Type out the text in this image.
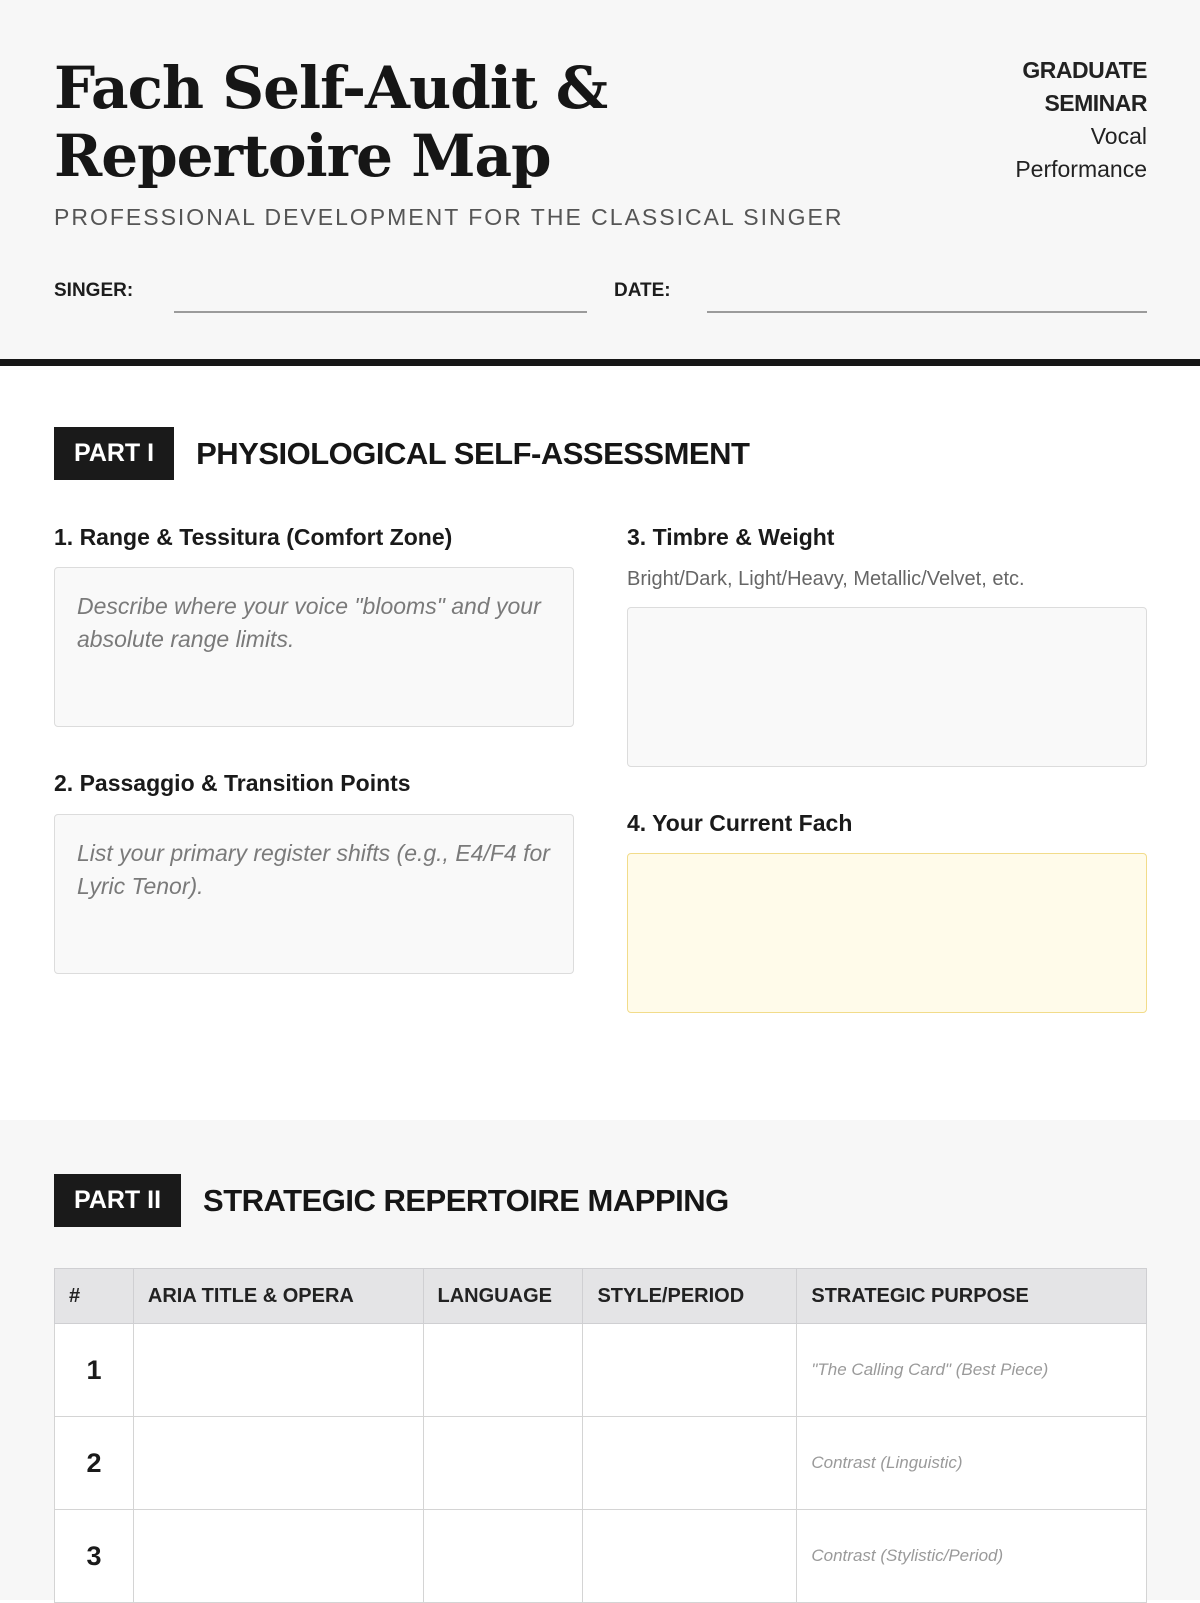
Fach Self-Audit & Repertoire Map
GRADUATE SEMINAR
Vocal Performance

PROFESSIONAL DEVELOPMENT FOR THE CLASSICAL SINGER

SINGER:	DATE:
PART I	PHYSIOLOGICAL SELF-ASSESSMENT

1. Range & Tessitura (Comfort Zone)

Describe where your voice "blooms" and your absolute range limits.

2. Passaggio & Transition Points

List your primary register shifts (e.g., E4/F4 for Lyric Tenor).

3. Timbre & Weight

Bright/Dark, Light/Heavy, Metallic/Velvet, etc.

4. Your Current Fach

PART II	STRATEGIC REPERTOIRE MAPPING
#	ARIA TITLE & OPERA	LANGUAGE	STYLE/PERIOD	STRATEGIC PURPOSE
1				"The Calling Card" (Best Piece)
2				Contrast (Linguistic)
3				Contrast (Stylistic/Period)
